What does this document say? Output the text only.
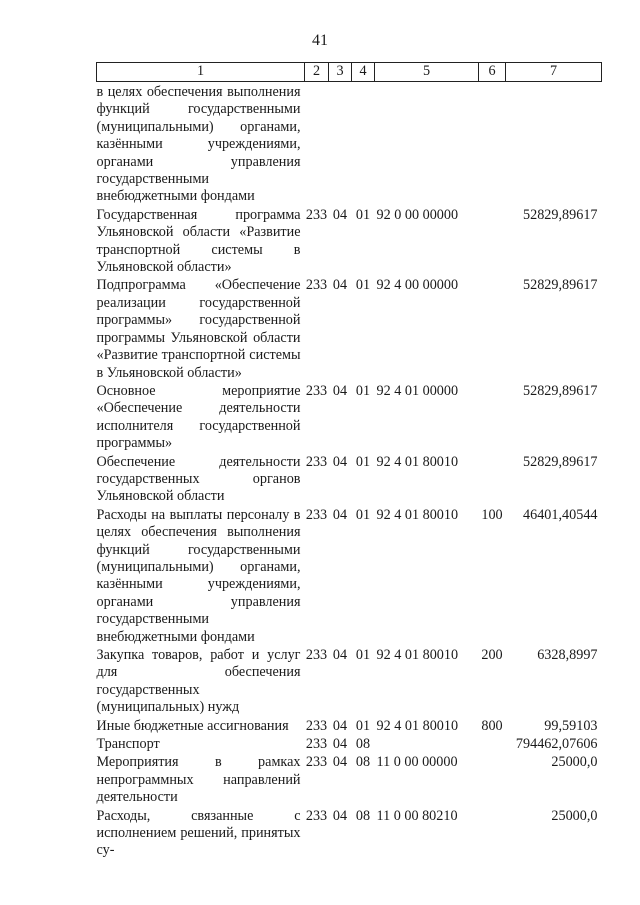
41
1	2	3	4	5	6	7
в целях обеспечения выполнения функций государственными (муниципальными) органами, казёнными учреждениями, органами управления государственными внебюджетными фондами						
Государственная программа Ульяновской области «Развитие транспортной системы в Ульяновской области»	233	04	01	92 0 00 00000		52829,89617
Подпрограмма «Обеспечение реализации государственной программы» государственной программы Ульяновской области «Развитие транспортной системы в Ульяновской области»	233	04	01	92 4 00 00000		52829,89617
Основное мероприятие «Обеспечение деятельности исполнителя государственной программы»	233	04	01	92 4 01 00000		52829,89617
Обеспечение деятельности государственных органов Ульяновской области	233	04	01	92 4 01 80010		52829,89617
Расходы на выплаты персоналу в целях обеспечения выполнения функций государственными (муниципальными) органами, казёнными учреждениями, органами управления государственными внебюджетными фондами	233	04	01	92 4 01 80010	100	46401,40544
Закупка товаров, работ и услуг для обеспечения государственных (муниципальных) нужд	233	04	01	92 4 01 80010	200	6328,8997
Иные бюджетные ассигнования	233	04	01	92 4 01 80010	800	99,59103
Транспорт	233	04	08			794462,07606
Мероприятия в рамках непрограммных направлений деятельности	233	04	08	11 0 00 00000		25000,0
Расходы, связанные с исполнением решений, принятых су-	233	04	08	11 0 00 80210		25000,0
